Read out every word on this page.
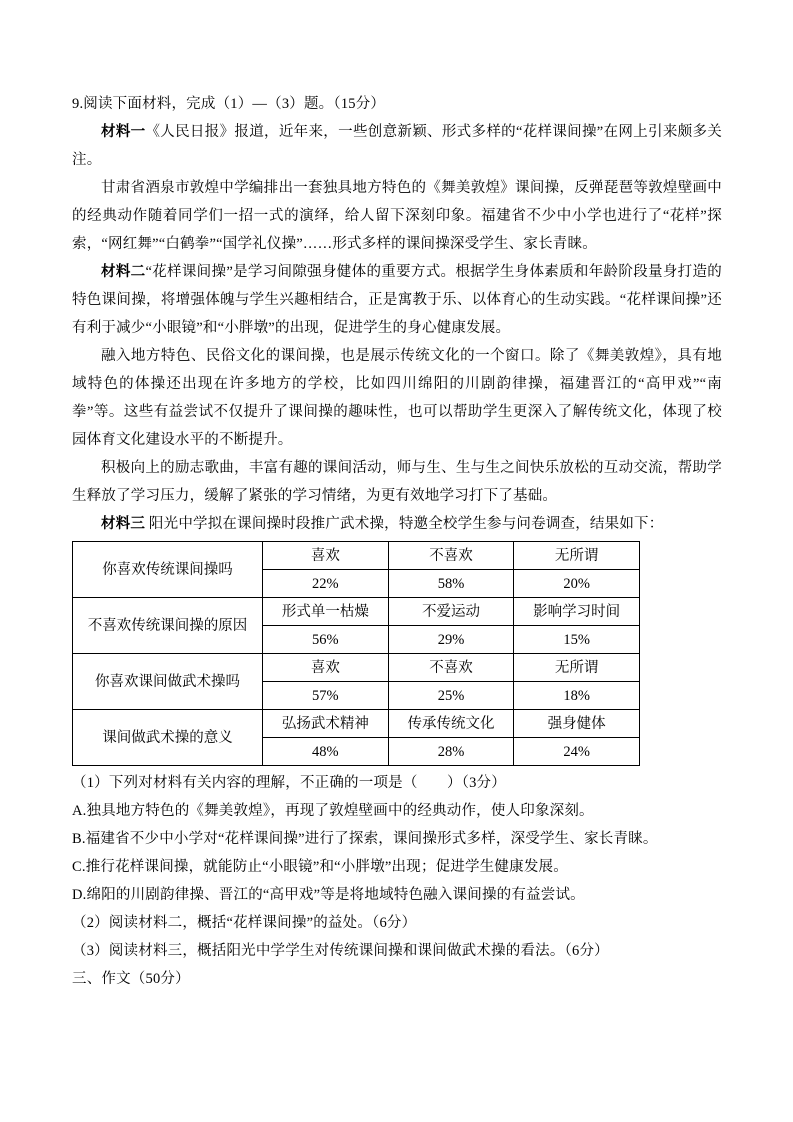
9.阅读下面材料，完成（1）—（3）题。（15分）

材料一《人民日报》报道，近年来，一些创意新颖、形式多样的“花样课间操”在网上引来颇多关注。

甘肃省酒泉市敦煌中学编排出一套独具地方特色的《舞美敦煌》课间操，反弹琵琶等敦煌壁画中的经典动作随着同学们一招一式的演绎，给人留下深刻印象。福建省不少中小学也进行了“花样”探索，“网红舞”“白鹤拳”“国学礼仪操”……形式多样的课间操深受学生、家长青睐。

材料二“花样课间操”是学习间隙强身健体的重要方式。根据学生身体素质和年龄阶段量身打造的特色课间操，将增强体魄与学生兴趣相结合，正是寓教于乐、以体育心的生动实践。“花样课间操”还有利于减少“小眼镜”和“小胖墩”的出现，促进学生的身心健康发展。

融入地方特色、民俗文化的课间操，也是展示传统文化的一个窗口。除了《舞美敦煌》，具有地域特色的体操还出现在许多地方的学校，比如四川绵阳的川剧韵律操，福建晋江的“高甲戏”“南拳”等。这些有益尝试不仅提升了课间操的趣味性，也可以帮助学生更深入了解传统文化，体现了校园体育文化建设水平的不断提升。

积极向上的励志歌曲，丰富有趣的课间活动，师与生、生与生之间快乐放松的互动交流，帮助学生释放了学习压力，缓解了紧张的学习情绪，为更有效地学习打下了基础。

材料三 阳光中学拟在课间操时段推广武术操，特邀全校学生参与问卷调查，结果如下：

你喜欢传统课间操吗	喜欢	不喜欢	无所谓
	22%	58%	20%
不喜欢传统课间操的原因	形式单一枯燥	不爱运动	影响学习时间
	56%	29%	15%
你喜欢课间做武术操吗	喜欢	不喜欢	无所谓
	57%	25%	18%
课间做武术操的意义	弘扬武术精神	传承传统文化	强身健体
	48%	28%	24%

（1）下列对材料有关内容的理解，不正确的一项是（　　）（3分）

A.独具地方特色的《舞美敦煌》，再现了敦煌壁画中的经典动作，使人印象深刻。

B.福建省不少中小学对“花样课间操”进行了探索，课间操形式多样，深受学生、家长青睐。

C.推行花样课间操，就能防止“小眼镜”和“小胖墩”出现；促进学生健康发展。

D.绵阳的川剧韵律操、晋江的“高甲戏”等是将地域特色融入课间操的有益尝试。

（2）阅读材料二，概括“花样课间操”的益处。（6分）

（3）阅读材料三，概括阳光中学学生对传统课间操和课间做武术操的看法。（6分）

三、作文（50分）
